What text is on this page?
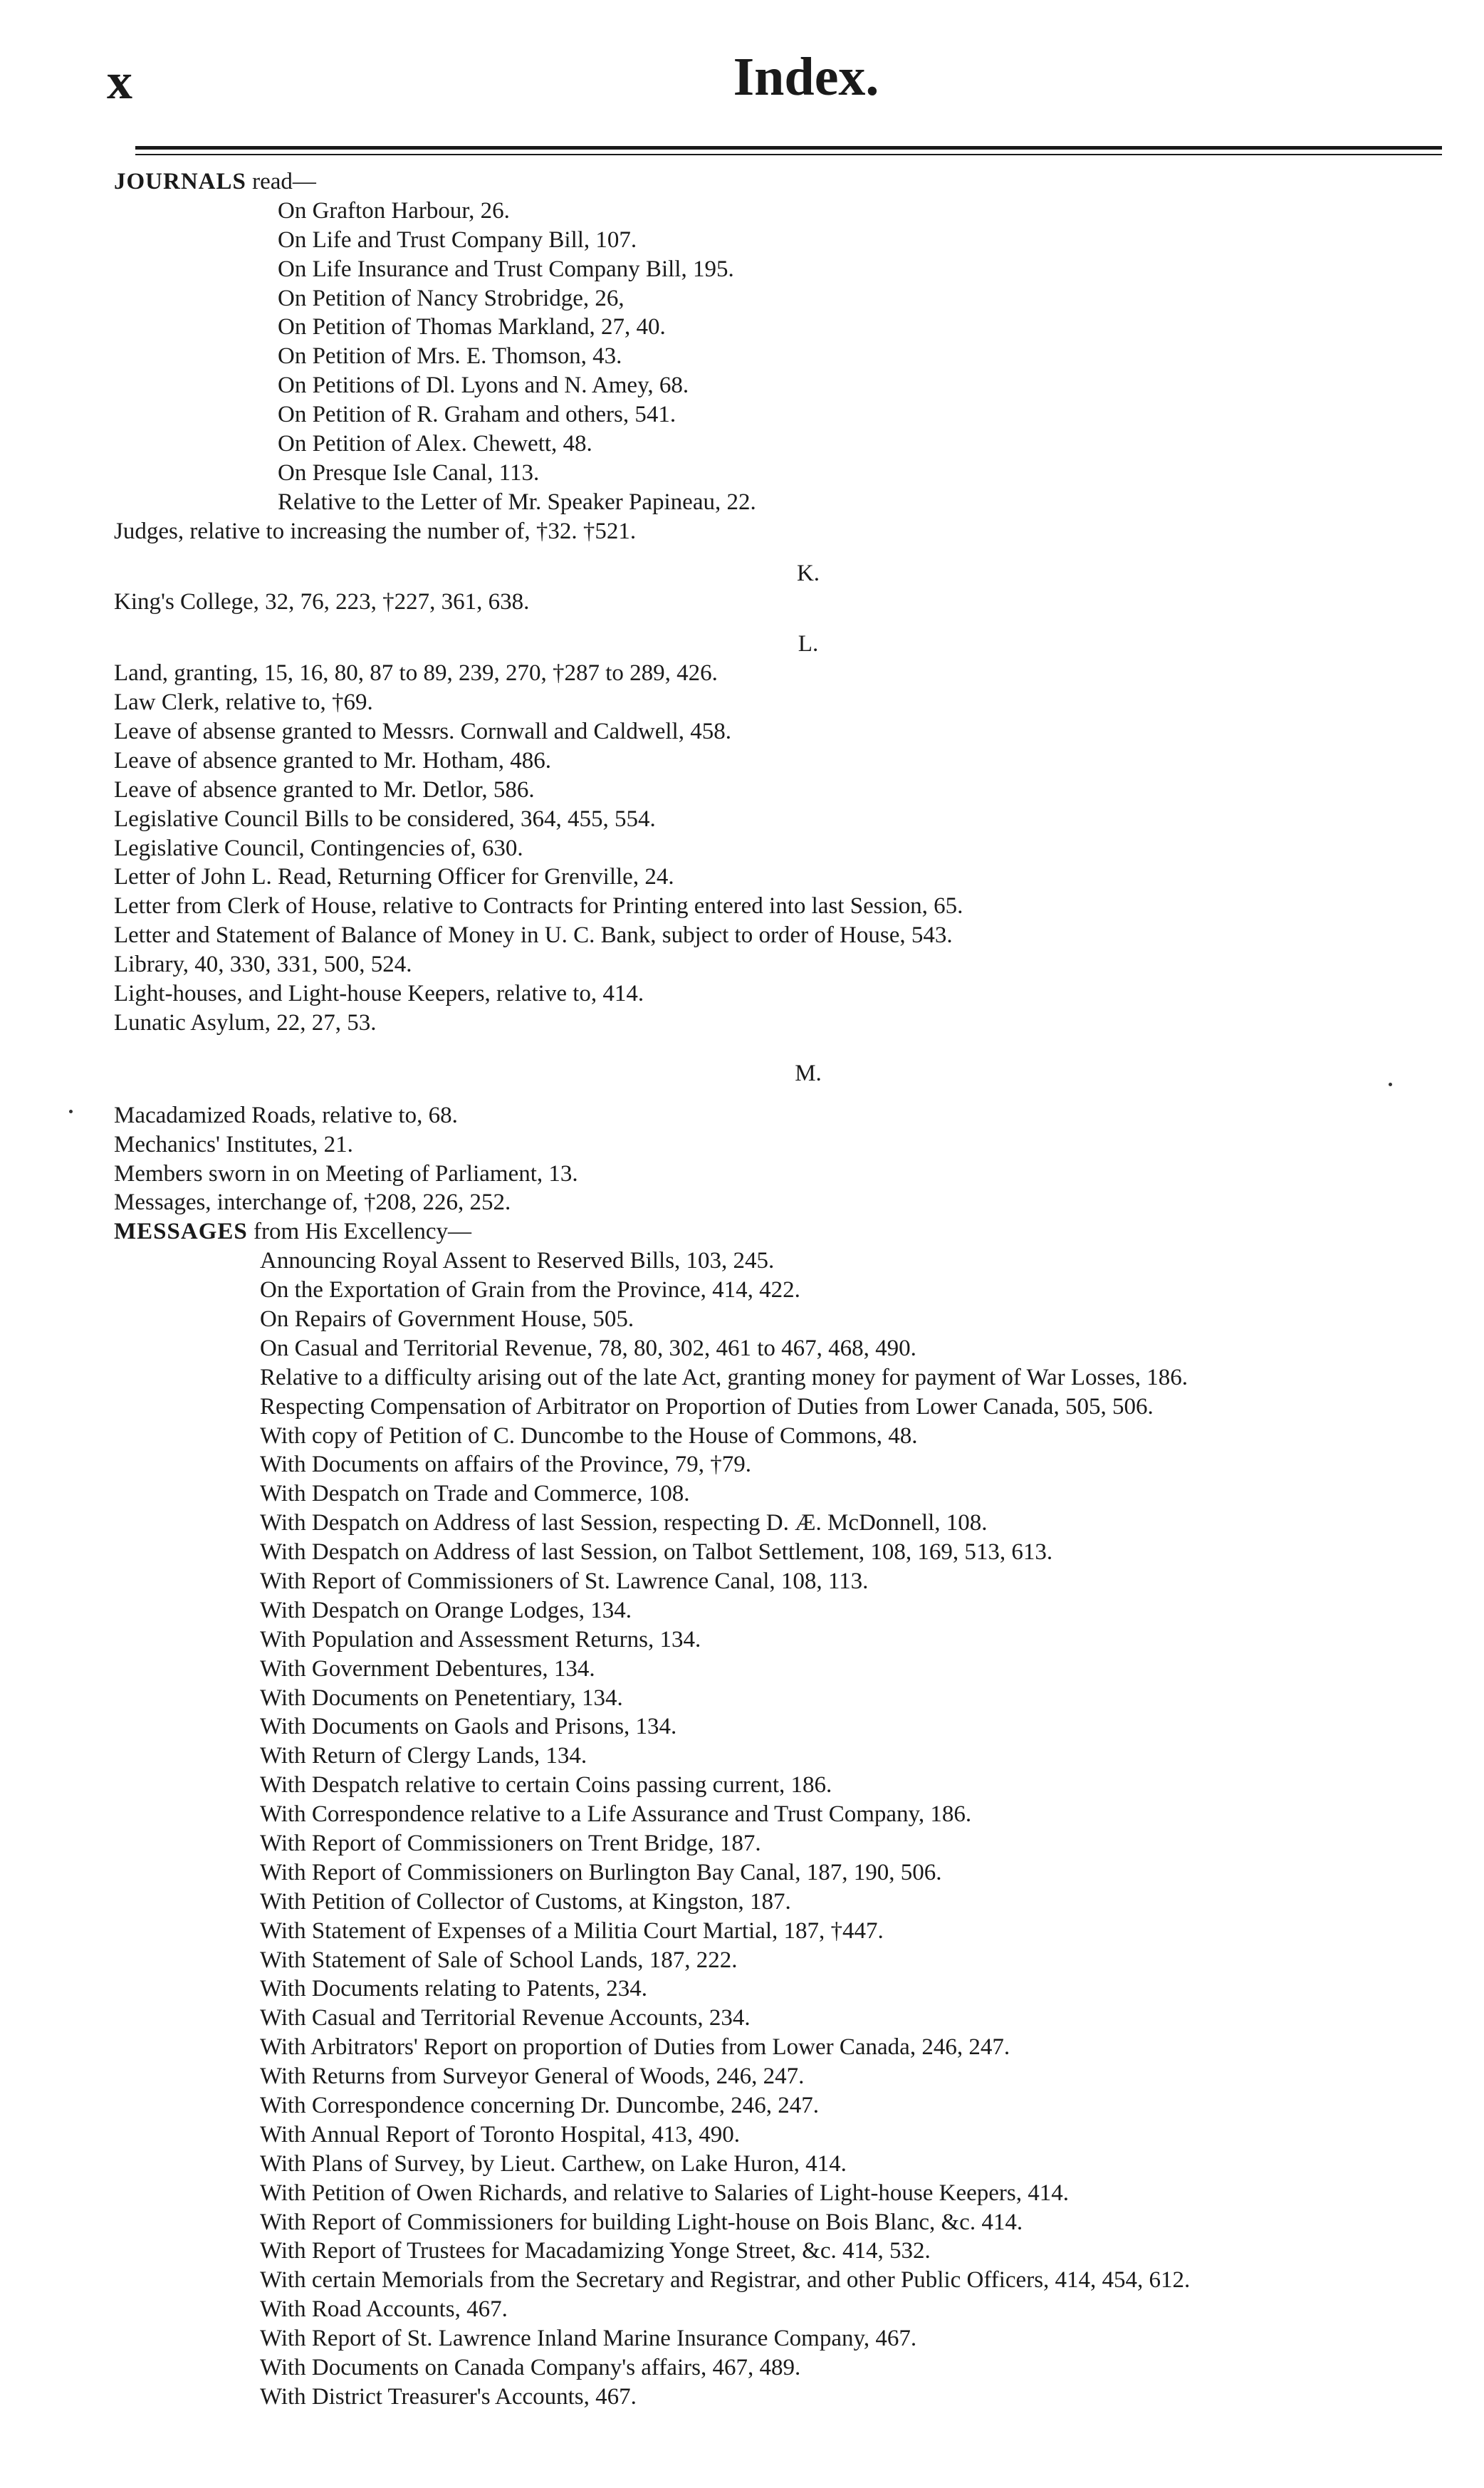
x	Index.
JOURNALS read—
On Grafton Harbour, 26.
On Life and Trust Company Bill, 107.
On Life Insurance and Trust Company Bill, 195.
On Petition of Nancy Strobridge, 26,
On Petition of Thomas Markland, 27, 40.
On Petition of Mrs. E. Thomson, 43.
On Petitions of Dl. Lyons and N. Amey, 68.
On Petition of R. Graham and others, 541.
On Petition of Alex. Chewett, 48.
On Presque Isle Canal, 113.
Relative to the Letter of Mr. Speaker Papineau, 22.
Judges, relative to increasing the number of, †32. †521.
K.
King's College, 32, 76, 223, †227, 361, 638.
L.
Land, granting, 15, 16, 80, 87 to 89, 239, 270, †287 to 289, 426.
Law Clerk, relative to, †69.
Leave of absense granted to Messrs. Cornwall and Caldwell, 458.
Leave of absence granted to Mr. Hotham, 486.
Leave of absence granted to Mr. Detlor, 586.
Legislative Council Bills to be considered, 364, 455, 554.
Legislative Council, Contingencies of, 630.
Letter of John L. Read, Returning Officer for Grenville, 24.
Letter from Clerk of House, relative to Contracts for Printing entered into last Session, 65.
Letter and Statement of Balance of Money in U. C. Bank, subject to order of House, 543.
Library, 40, 330, 331, 500, 524.
Light-houses, and Light-house Keepers, relative to, 414.
Lunatic Asylum, 22, 27, 53.
M.
Macadamized Roads, relative to, 68.
Mechanics' Institutes, 21.
Members sworn in on Meeting of Parliament, 13.
Messages, interchange of, †208, 226, 252.
MESSAGES from His Excellency—
Announcing Royal Assent to Reserved Bills, 103, 245.
On the Exportation of Grain from the Province, 414, 422.
On Repairs of Government House, 505.
On Casual and Territorial Revenue, 78, 80, 302, 461 to 467, 468, 490.
Relative to a difficulty arising out of the late Act, granting money for payment of War Losses, 186.
Respecting Compensation of Arbitrator on Proportion of Duties from Lower Canada, 505, 506.
With copy of Petition of C. Duncombe to the House of Commons, 48.
With Documents on affairs of the Province, 79, †79.
With Despatch on Trade and Commerce, 108.
With Despatch on Address of last Session, respecting D. Æ. McDonnell, 108.
With Despatch on Address of last Session, on Talbot Settlement, 108, 169, 513, 613.
With Report of Commissioners of St. Lawrence Canal, 108, 113.
With Despatch on Orange Lodges, 134.
With Population and Assessment Returns, 134.
With Government Debentures, 134.
With Documents on Penetentiary, 134.
With Documents on Gaols and Prisons, 134.
With Return of Clergy Lands, 134.
With Despatch relative to certain Coins passing current, 186.
With Correspondence relative to a Life Assurance and Trust Company, 186.
With Report of Commissioners on Trent Bridge, 187.
With Report of Commissioners on Burlington Bay Canal, 187, 190, 506.
With Petition of Collector of Customs, at Kingston, 187.
With Statement of Expenses of a Militia Court Martial, 187, †447.
With Statement of Sale of School Lands, 187, 222.
With Documents relating to Patents, 234.
With Casual and Territorial Revenue Accounts, 234.
With Arbitrators' Report on proportion of Duties from Lower Canada, 246, 247.
With Returns from Surveyor General of Woods, 246, 247.
With Correspondence concerning Dr. Duncombe, 246, 247.
With Annual Report of Toronto Hospital, 413, 490.
With Plans of Survey, by Lieut. Carthew, on Lake Huron, 414.
With Petition of Owen Richards, and relative to Salaries of Light-house Keepers, 414.
With Report of Commissioners for building Light-house on Bois Blanc, &c. 414.
With Report of Trustees for Macadamizing Yonge Street, &c. 414, 532.
With certain Memorials from the Secretary and Registrar, and other Public Officers, 414, 454, 612.
With Road Accounts, 467.
With Report of St. Lawrence Inland Marine Insurance Company, 467.
With Documents on Canada Company's affairs, 467, 489.
With District Treasurer's Accounts, 467.
